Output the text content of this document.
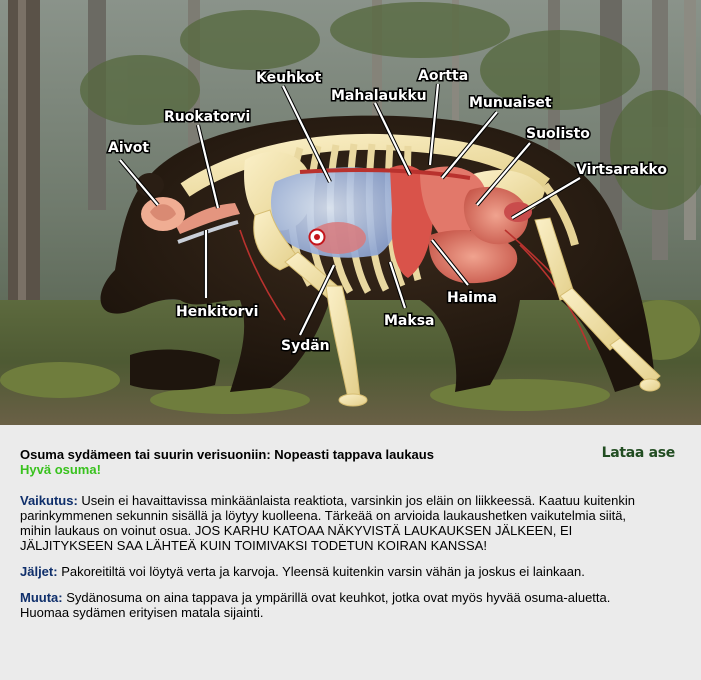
Aivot
Ruokatorvi
Keuhkot
Mahalaukku
Aortta
Munuaiset
Suolisto
Virtsarakko
Henkitorvi
Sydän
Maksa
Haima
Lataa ase

Osuma sydämeen tai suurin verisuoniin: Nopeasti tappava laukaus

Hyvä osuma!

Vaikutus: Usein ei havaittavissa minkäänlaista reaktiota, varsinkin jos eläin on liikkeessä. Kaatuu kuitenkin parinkymmenen sekunnin sisällä ja löytyy kuolleena. Tärkeää on arvioida laukaushetken vaikutelmia siitä, mihin laukaus on voinut osua. JOS KARHU KATOAA NÄKYVISTÄ LAUKAUKSEN JÄLKEEN, EI JÄLJITYKSEEN SAA LÄHTEÄ KUIN TOIMIVAKSI TODETUN KOIRAN KANSSA!

Jäljet: Pakoreitiltä voi löytyä verta ja karvoja. Yleensä kuitenkin varsin vähän ja joskus ei lainkaan.

Muuta: Sydänosuma on aina tappava ja ympärillä ovat keuhkot, jotka ovat myös hyvää osuma-aluetta. Huomaa sydämen erityisen matala sijainti.
